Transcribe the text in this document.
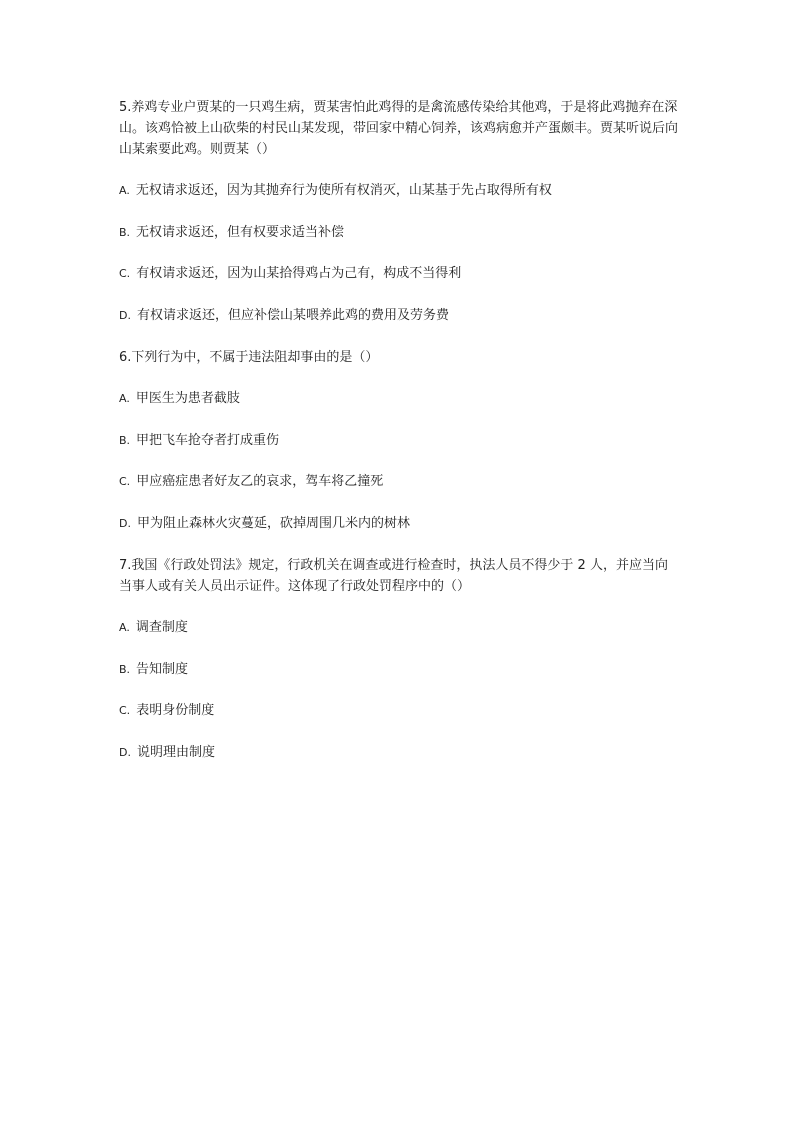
5.养鸡专业户贾某的一只鸡生病，贾某害怕此鸡得的是禽流感传染给其他鸡，于是将此鸡抛弃在深山。该鸡恰被上山砍柴的村民山某发现，带回家中精心饲养，该鸡病愈并产蛋颇丰。贾某听说后向山某索要此鸡。则贾某（）

A. 无权请求返还，因为其抛弃行为使所有权消灭，山某基于先占取得所有权

B. 无权请求返还，但有权要求适当补偿

C. 有权请求返还，因为山某拾得鸡占为己有，构成不当得利

D. 有权请求返还，但应补偿山某喂养此鸡的费用及劳务费

6.下列行为中，不属于违法阻却事由的是（）

A. 甲医生为患者截肢

B. 甲把飞车抢夺者打成重伤

C. 甲应癌症患者好友乙的哀求，驾车将乙撞死

D. 甲为阻止森林火灾蔓延，砍掉周围几米内的树林

7.我国《行政处罚法》规定，行政机关在调查或进行检查时，执法人员不得少于 2 人，并应当向当事人或有关人员出示证件。这体现了行政处罚程序中的（）

A. 调查制度

B. 告知制度

C. 表明身份制度

D. 说明理由制度
